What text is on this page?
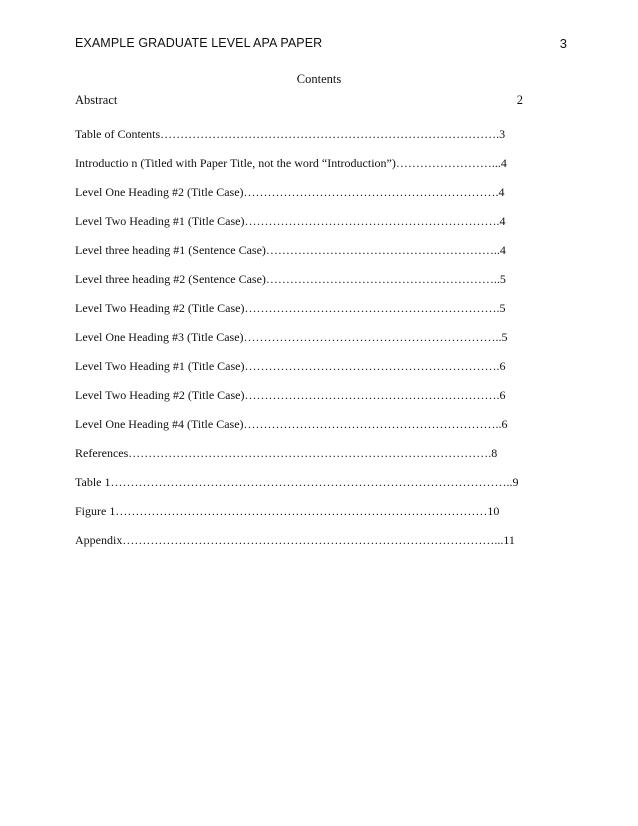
EXAMPLE GRADUATE LEVEL APA PAPER	3
Contents
Abstract	2
Table of Contents………………………………………………………………………….3
Introductio n (Titled with Paper Title, not the word “Introduction”)……………………...4
Level One Heading #2 (Title Case)……………………………………………………….4
Level Two Heading #1 (Title Case)……………………………………………………….4
Level three heading #1 (Sentence Case)…………………………………………………..4
Level three heading #2 (Sentence Case)…………………………………………………..5
Level Two Heading #2 (Title Case)……………………………………………………….5
Level One Heading #3 (Title Case)………………………………………………………..5
Level Two Heading #1 (Title Case)……………………………………………………….6
Level Two Heading #2 (Title Case)……………………………………………………….6
Level One Heading #4 (Title Case)………………………………………………………..6
References……………………………………………………………………………….8
Table 1………………………………………………………………………………………..9
Figure 1…………………………………………………………………………………10
Appendix…………………………………………………………………………………...11
